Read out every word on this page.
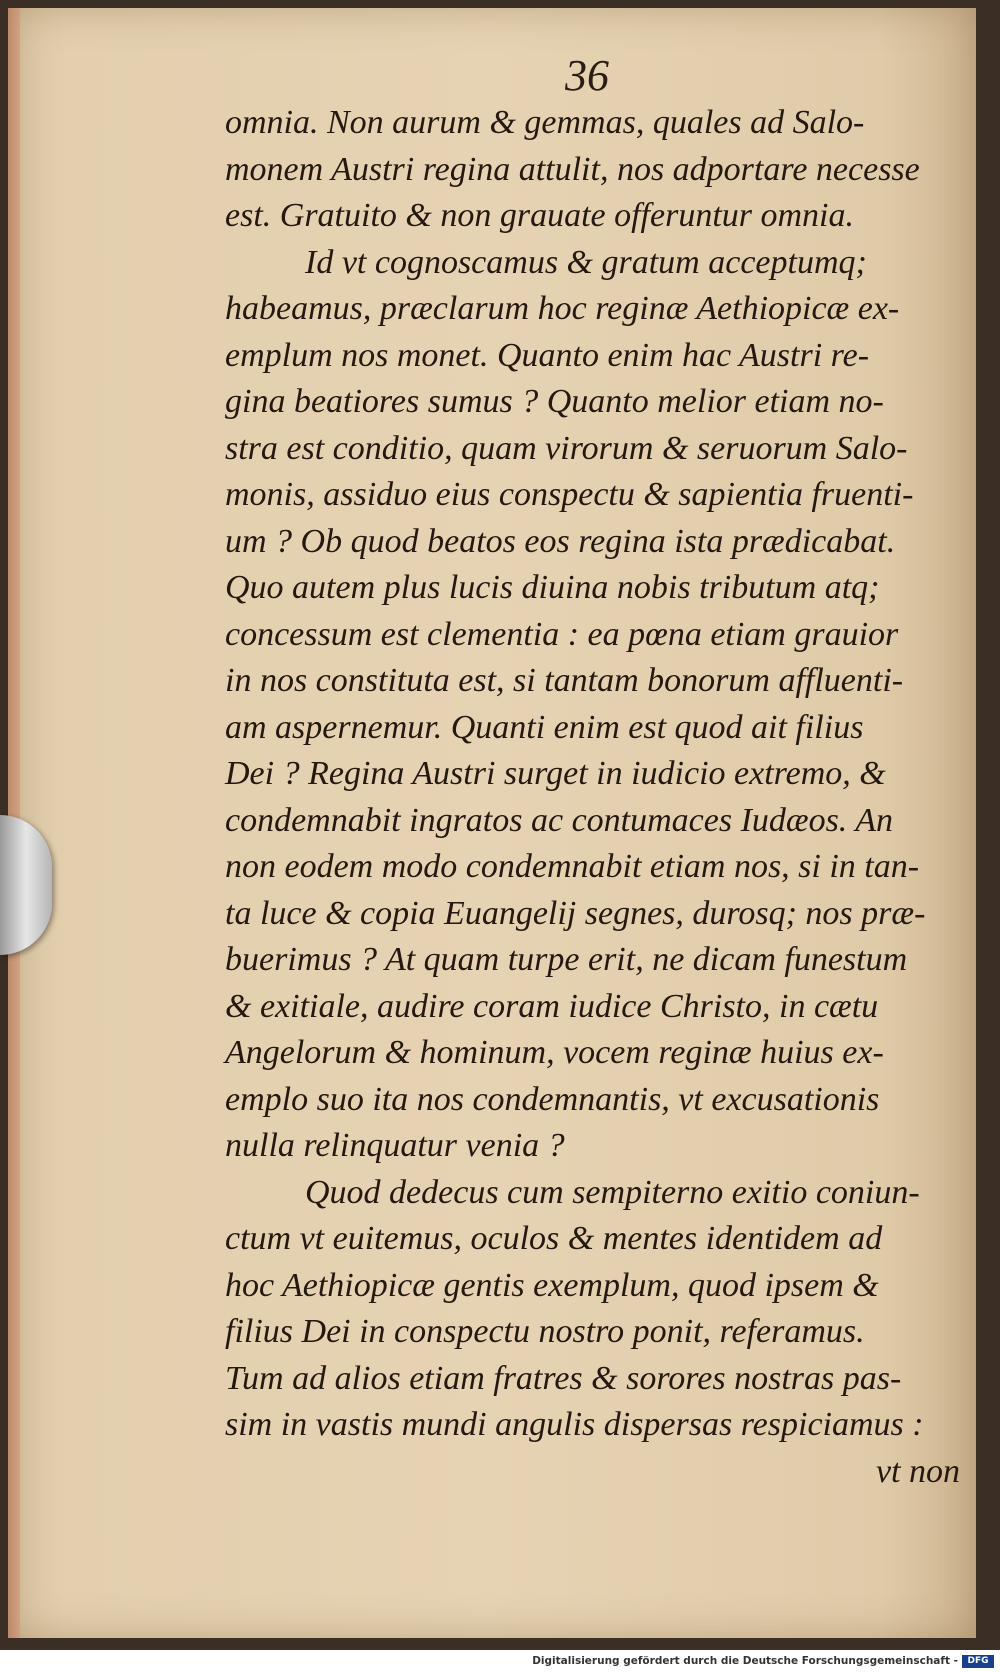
36
omnia. Non aurum & gemmas, quales ad Salo-
monem Austri regina attulit, nos adportare necesse
est. Gratuito & non grauate offeruntur omnia.
Id vt cognoscamus & gratum acceptumq;
habeamus, præclarum hoc reginæ Aethiopicæ ex-
emplum nos monet. Quanto enim hac Austri re-
gina beatiores sumus ? Quanto melior etiam no-
stra est conditio, quam virorum & seruorum Salo-
monis, assiduo eius conspectu & sapientia fruenti-
um ? Ob quod beatos eos regina ista prædicabat.
Quo autem plus lucis diuina nobis tributum atq;
concessum est clementia : ea pœna etiam grauior
in nos constituta est, si tantam bonorum affluenti-
am aspernemur. Quanti enim est quod ait filius
Dei ? Regina Austri surget in iudicio extremo, &
condemnabit ingratos ac contumaces Iudæos. An
non eodem modo condemnabit etiam nos, si in tan-
ta luce & copia Euangelij segnes, durosq; nos præ-
buerimus ? At quam turpe erit, ne dicam funestum
& exitiale, audire coram iudice Christo, in cætu
Angelorum & hominum, vocem reginæ huius ex-
emplo suo ita nos condemnantis, vt excusationis
nulla relinquatur venia ?
Quod dedecus cum sempiterno exitio coniun-
ctum vt euitemus, oculos & mentes identidem ad
hoc Aethiopicæ gentis exemplum, quod ipsem &
filius Dei in conspectu nostro ponit, referamus.
Tum ad alios etiam fratres & sorores nostras pas-
sim in vastis mundi angulis dispersas respiciamus :
vt non
Digitalisierung gefördert durch die Deutsche Forschungsgemeinschaft -	DFG
